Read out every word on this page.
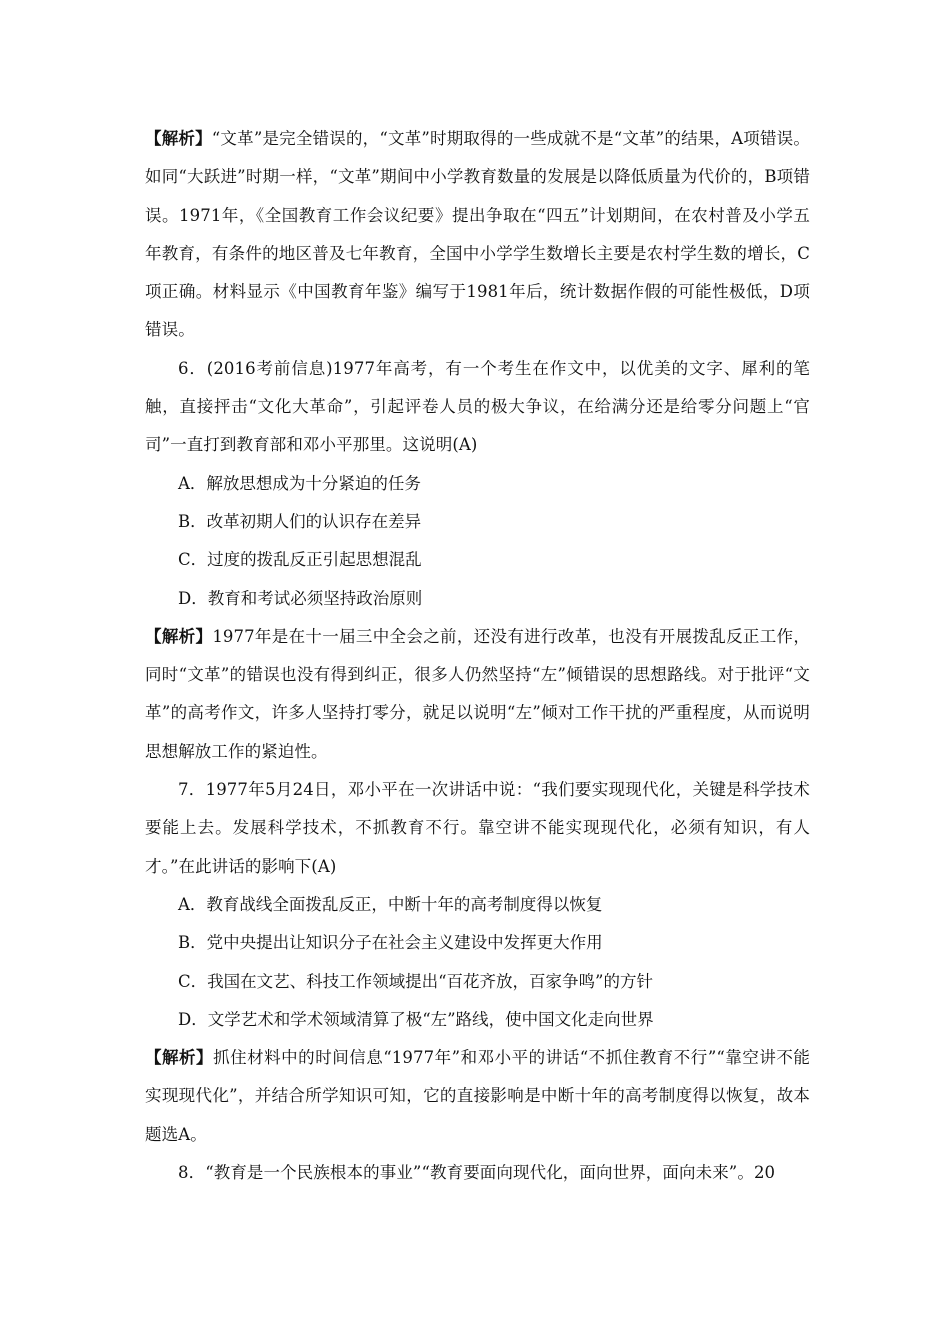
【解析】“文革”是完全错误的，“文革”时期取得的一些成就不是“文革”的结果，A项错误。如同“大跃进”时期一样，“文革”期间中小学教育数量的发展是以降低质量为代价的，B项错误。1971年，《全国教育工作会议纪要》提出争取在“四五”计划期间，在农村普及小学五年教育，有条件的地区普及七年教育，全国中小学学生数增长主要是农村学生数的增长，C项正确。材料显示《中国教育年鉴》编写于1981年后，统计数据作假的可能性极低，D项错误。

6．(2016考前信息)1977年高考，有一个考生在作文中，以优美的文字、犀利的笔触，直接抨击“文化大革命”，引起评卷人员的极大争议，在给满分还是给零分问题上“官司”一直打到教育部和邓小平那里。这说明(A)

A．解放思想成为十分紧迫的任务

B．改革初期人们的认识存在差异

C．过度的拨乱反正引起思想混乱

D．教育和考试必须坚持政治原则

【解析】1977年是在十一届三中全会之前，还没有进行改革，也没有开展拨乱反正工作，同时“文革”的错误也没有得到纠正，很多人仍然坚持“左”倾错误的思想路线。对于批评“文革”的高考作文，许多人坚持打零分，就足以说明“左”倾对工作干扰的严重程度，从而说明思想解放工作的紧迫性。

7．1977年5月24日，邓小平在一次讲话中说：“我们要实现现代化，关键是科学技术要能上去。发展科学技术，不抓教育不行。靠空讲不能实现现代化，必须有知识，有人才。”在此讲话的影响下(A)

A．教育战线全面拨乱反正，中断十年的高考制度得以恢复

B．党中央提出让知识分子在社会主义建设中发挥更大作用

C．我国在文艺、科技工作领域提出“百花齐放，百家争鸣”的方针

D．文学艺术和学术领域清算了极“左”路线，使中国文化走向世界

【解析】抓住材料中的时间信息“1977年”和邓小平的讲话“不抓住教育不行”“靠空讲不能实现现代化”，并结合所学知识可知，它的直接影响是中断十年的高考制度得以恢复，故本题选A。

8．“教育是一个民族根本的事业”“教育要面向现代化，面向世界，面向未来”。20
